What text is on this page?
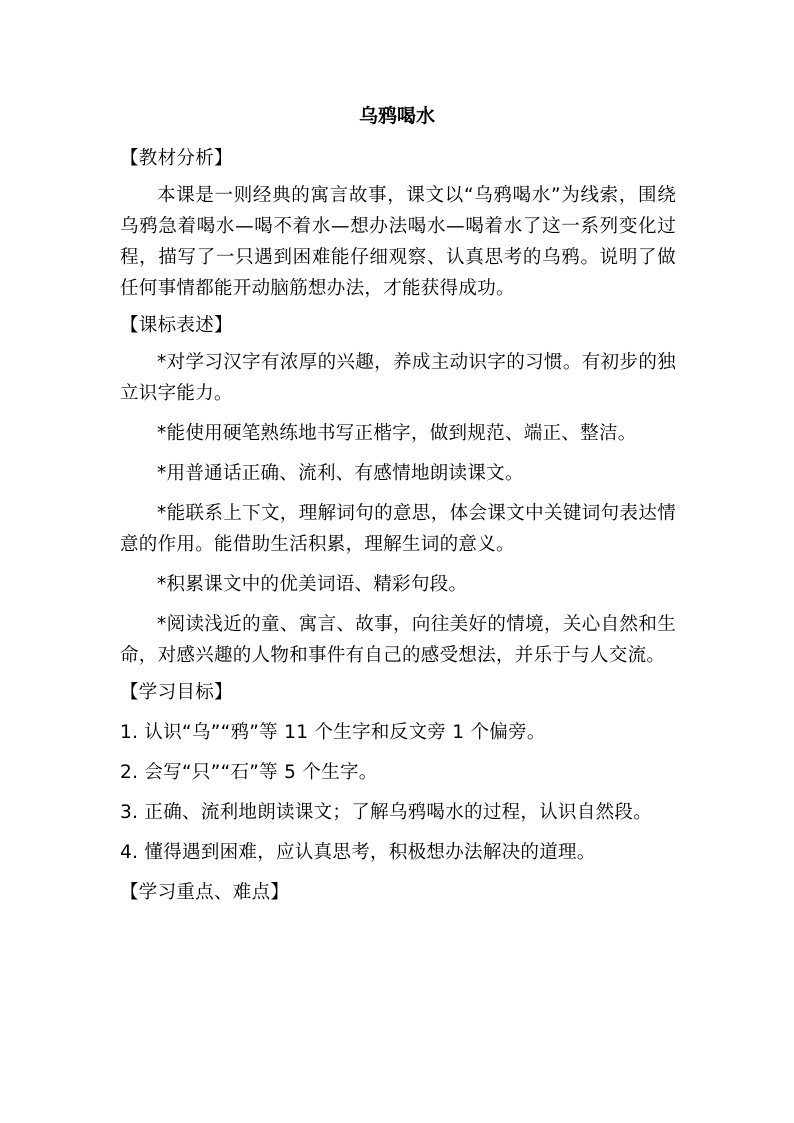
乌鸦喝水

【教材分析】

本课是一则经典的寓言故事，课文以“乌鸦喝水”为线索，围绕乌鸦急着喝水—喝不着水—想办法喝水—喝着水了这一系列变化过程，描写了一只遇到困难能仔细观察、认真思考的乌鸦。说明了做任何事情都能开动脑筋想办法，才能获得成功。

【课标表述】

*对学习汉字有浓厚的兴趣，养成主动识字的习惯。有初步的独立识字能力。

*能使用硬笔熟练地书写正楷字，做到规范、端正、整洁。

*用普通话正确、流利、有感情地朗读课文。

*能联系上下文，理解词句的意思，体会课文中关键词句表达情意的作用。能借助生活积累，理解生词的意义。

*积累课文中的优美词语、精彩句段。

*阅读浅近的童、寓言、故事，向往美好的情境，关心自然和生命，对感兴趣的人物和事件有自己的感受想法，并乐于与人交流。

【学习目标】

1. 认识“乌”“鸦”等 11 个生字和反文旁 1 个偏旁。

2. 会写“只”“石”等 5 个生字。

3. 正确、流利地朗读课文；了解乌鸦喝水的过程，认识自然段。

4. 懂得遇到困难，应认真思考，积极想办法解决的道理。

【学习重点、难点】
